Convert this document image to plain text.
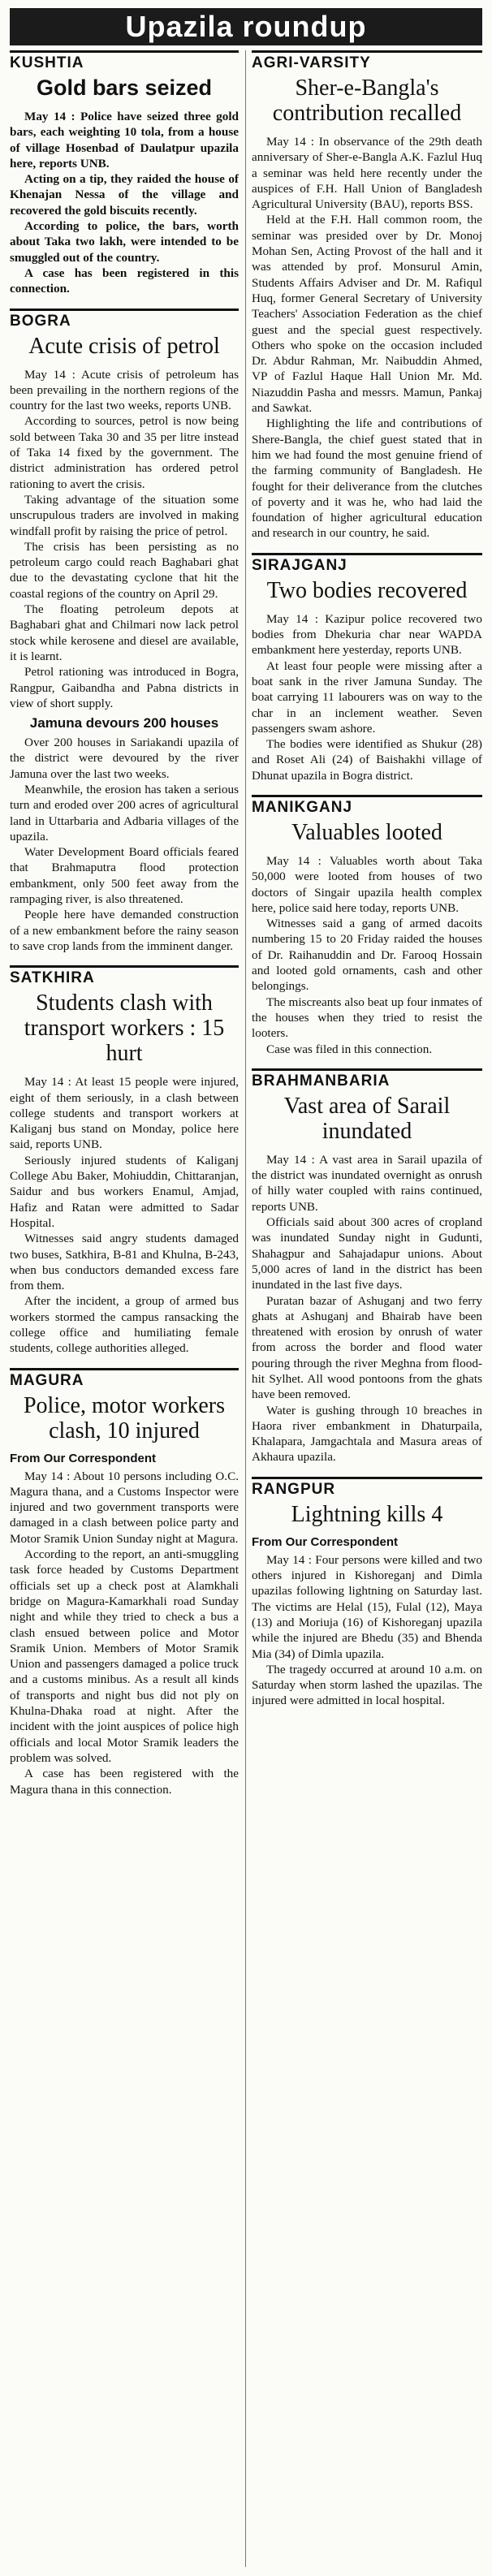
Upazila roundup
KUSHTIA
Gold bars seized

May 14 : Police have seized three gold bars, each weighting 10 tola, from a house of village Hosenbad of Daulatpur upazila here, reports UNB.

Acting on a tip, they raided the house of Khenajan Nessa of the village and recovered the gold biscuits recently.

According to police, the bars, worth about Taka two lakh, were intended to be smuggled out of the country.

A case has been registered in this connection.

BOGRA
Acute crisis of petrol

May 14 : Acute crisis of petroleum has been prevailing in the northern regions of the country for the last two weeks, reports UNB.

According to sources, petrol is now being sold between Taka 30 and 35 per litre instead of Taka 14 fixed by the government. The district administration has ordered petrol rationing to avert the crisis.

Taking advantage of the situation some unscrupulous traders are involved in making windfall profit by raising the price of petrol.

The crisis has been persisting as no petroleum cargo could reach Baghabari ghat due to the devastating cyclone that hit the coastal regions of the country on April 29.

The floating petroleum depots at Baghabari ghat and Chilmari now lack petrol stock while kerosene and diesel are available, it is learnt.

Petrol rationing was introduced in Bogra, Rangpur, Gaibandha and Pabna districts in view of short supply.

Jamuna devours 200 houses

Over 200 houses in Sariakandi upazila of the district were devoured by the river Jamuna over the last two weeks.

Meanwhile, the erosion has taken a serious turn and eroded over 200 acres of agricultural land in Uttarbaria and Adbaria villages of the upazila.

Water Development Board officials feared that Brahmaputra flood protection embankment, only 500 feet away from the rampaging river, is also threatened.

People here have demanded construction of a new embankment before the rainy season to save crop lands from the imminent danger.

SATKHIRA
Students clash with transport workers : 15 hurt

May 14 : At least 15 people were injured, eight of them seriously, in a clash between college students and transport workers at Kaliganj bus stand on Monday, police here said, reports UNB.

Seriously injured students of Kaliganj College Abu Baker, Mohiuddin, Chittaranjan, Saidur and bus workers Enamul, Amjad, Hafiz and Ratan were admitted to Sadar Hospital.

Witnesses said angry students damaged two buses, Satkhira, B-81 and Khulna, B-243, when bus conductors demanded excess fare from them.

After the incident, a group of armed bus workers stormed the campus ransacking the college office and humiliating female students, college authorities alleged.

MAGURA
Police, motor workers clash, 10 injured
From Our Correspondent

May 14 : About 10 persons including O.C. Magura thana, and a Customs Inspector were injured and two government transports were damaged in a clash between police party and Motor Sramik Union Sunday night at Magura.

According to the report, an anti-smuggling task force headed by Customs Department officials set up a check post at Alamkhali bridge on Magura-Kamarkhali road Sunday night and while they tried to check a bus a clash ensued between police and Motor Sramik Union. Members of Motor Sramik Union and passengers damaged a police truck and a customs minibus. As a result all kinds of transports and night bus did not ply on Khulna-Dhaka road at night. After the incident with the joint auspices of police high officials and local Motor Sramik leaders the problem was solved.

A case has been registered with the Magura thana in this connection.

AGRI-VARSITY
Sher-e-Bangla's contribution recalled

May 14 : In observance of the 29th death anniversary of Sher-e-Bangla A.K. Fazlul Huq a seminar was held here recently under the auspices of F.H. Hall Union of Bangladesh Agricultural University (BAU), reports BSS.

Held at the F.H. Hall common room, the seminar was presided over by Dr. Monoj Mohan Sen, Acting Provost of the hall and it was attended by prof. Monsurul Amin, Students Affairs Adviser and Dr. M. Rafiqul Huq, former General Secretary of University Teachers' Association Federation as the chief guest and the special guest respectively. Others who spoke on the occasion included Dr. Abdur Rahman, Mr. Naibuddin Ahmed, VP of Fazlul Haque Hall Union Mr. Md. Niazuddin Pasha and messrs. Mamun, Pankaj and Sawkat.

Highlighting the life and contributions of Shere-Bangla, the chief guest stated that in him we had found the most genuine friend of the farming community of Bangladesh. He fought for their deliverance from the clutches of poverty and it was he, who had laid the foundation of higher agricultural education and research in our country, he said.

SIRAJGANJ
Two bodies recovered

May 14 : Kazipur police recovered two bodies from Dhekuria char near WAPDA embankment here yesterday, reports UNB.

At least four people were missing after a boat sank in the river Jamuna Sunday. The boat carrying 11 labourers was on way to the char in an inclement weather. Seven passengers swam ashore.

The bodies were identified as Shukur (28) and Roset Ali (24) of Baishakhi village of Dhunat upazila in Bogra district.

MANIKGANJ
Valuables looted

May 14 : Valuables worth about Taka 50,000 were looted from houses of two doctors of Singair upazila health complex here, police said here today, reports UNB.

Witnesses said a gang of armed dacoits numbering 15 to 20 Friday raided the houses of Dr. Raihanuddin and Dr. Farooq Hossain and looted gold ornaments, cash and other belongings.

The miscreants also beat up four inmates of the houses when they tried to resist the looters.

Case was filed in this connection.

BRAHMANBARIA
Vast area of Sarail inundated

May 14 : A vast area in Sarail upazila of the district was inundated overnight as onrush of hilly water coupled with rains continued, reports UNB.

Officials said about 300 acres of cropland was inundated Sunday night in Gudunti, Shahagpur and Sahajadapur unions. About 5,000 acres of land in the district has been inundated in the last five days.

Puratan bazar of Ashuganj and two ferry ghats at Ashuganj and Bhairab have been threatened with erosion by onrush of water from across the border and flood water pouring through the river Meghna from flood-hit Sylhet. All wood pontoons from the ghats have been removed.

Water is gushing through 10 breaches in Haora river embankment in Dhaturpaila, Khalapara, Jamgachtala and Masura areas of Akhaura upazila.

RANGPUR
Lightning kills 4
From Our Correspondent

May 14 : Four persons were killed and two others injured in Kishoreganj and Dimla upazilas following lightning on Saturday last. The victims are Helal (15), Fulal (12), Maya (13) and Moriuja (16) of Kishoreganj upazila while the injured are Bhedu (35) and Bhenda Mia (34) of Dimla upazila.

The tragedy occurred at around 10 a.m. on Saturday when storm lashed the upazilas. The injured were admitted in local hospital.
